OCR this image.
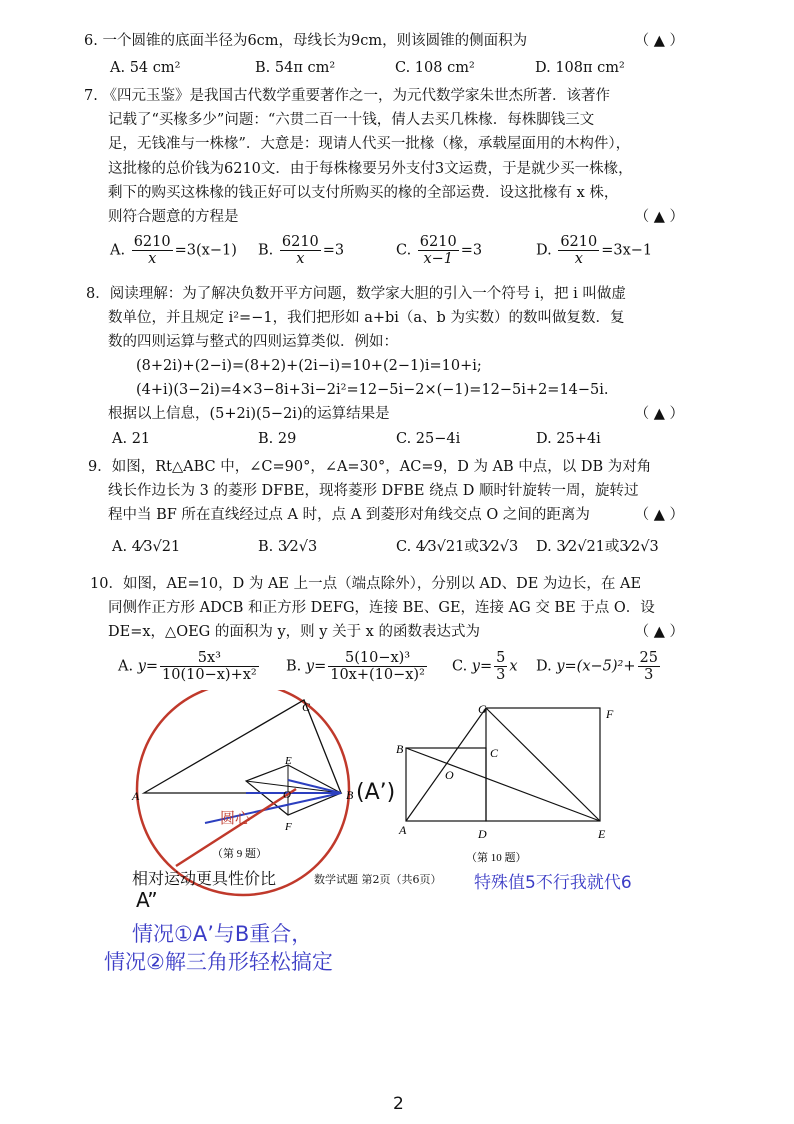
6. 一个圆锥的底面半径为6cm，母线长为9cm，则该圆锥的侧面积为	（ ▲ ）
A. 54 cm²	B. 54π cm²	C. 108 cm²	D. 108π cm²
7. 《四元玉鉴》是我国古代数学重要著作之一，为元代数学家朱世杰所著．该著作
记载了“买椽多少”问题：“六贯二百一十钱，倩人去买几株椽．每株脚钱三文
足，无钱准与一株椽”．大意是：现请人代买一批椽（椽，承载屋面用的木构件），
这批椽的总价钱为6210文．由于每株椽要另外支付3文运费，于是就少买一株椽，
剩下的购买这株椽的钱正好可以支付所购买的椽的全部运费．设这批椽有 x 株，
则符合题意的方程是	（ ▲ ）
A. $\frac{6210}{x} =3(x-1)$ B. $\frac{6210}{x} =3$	C. $\frac{6210}{x-1} =3$	D. $\frac{6210}{x} =3x-1$
8．阅读理解：为了解决负数开平方问题，数学家大胆的引入一个符号 i，把 i 叫做虚
数单位，并且规定 i²=−1，我们把形如 a+bi（a、b 为实数）的数叫做复数．复
数的四则运算与整式的四则运算类似．例如：
(8+2i)+(2−i)=(8+2)+(2i−i)=10+(2−1)i=10+i;
(4+i)(3−2i)=4×3−8i+3i−2i²=12−5i−2×(−1)=12−5i+2=14−5i.
根据以上信息，(5+2i)(5−2i)的运算结果是	（ ▲ ）
A. 21	B. 29	C. 25−4i	D. 25+4i
9．如图，Rt△ABC 中，∠C=90°，∠A=30°，AC=9，D 为 AB 中点，以 DB 为对角
线长作边长为 3 的菱形 DFBE，现将菱形 DFBE 绕点 D 顺时针旋转一周，旋转过
程中当 BF 所在直线经过点 A 时，点 A 到菱形对角线交点 O 之间的距离为	（ ▲ ）
A. 4⁄3√21	B. 3⁄2√3	C. 4⁄3√21或3⁄2√3 D. 3⁄2√21或3⁄2√3
10．如图，AE=10，D 为 AE 上一点（端点除外），分别以 AD、DE 为边长，在 AE
同侧作正方形 ADCB 和正方形 DEFG，连接 BE、GE，连接 AG 交 BE 于点 O．设
DE=x，△OEG 的面积为 y，则 y 关于 x 的函数表达式为	（ ▲ ）
A. $y= \frac{\text{5x³}}{\text{10(10−x)+x²}} B$. $y= \frac{\text{5(10−x)³}}{\text{10x+(10−x)²}} C$. $y= \frac{5}{3}$ x D. $y=(x-5)^2+ \frac{25}{3}$
A
C
E
O
F
B
圆心
（第 9 题）
(A’)
G	F
B	C
O
A	D	E
（第 10 题）
相对运动更具性价比	数学试题 第2页（共6页） 特殊值5不行我就代6
A”
情况①A’与B重合，
情况②解三角形轻松搞定
2
